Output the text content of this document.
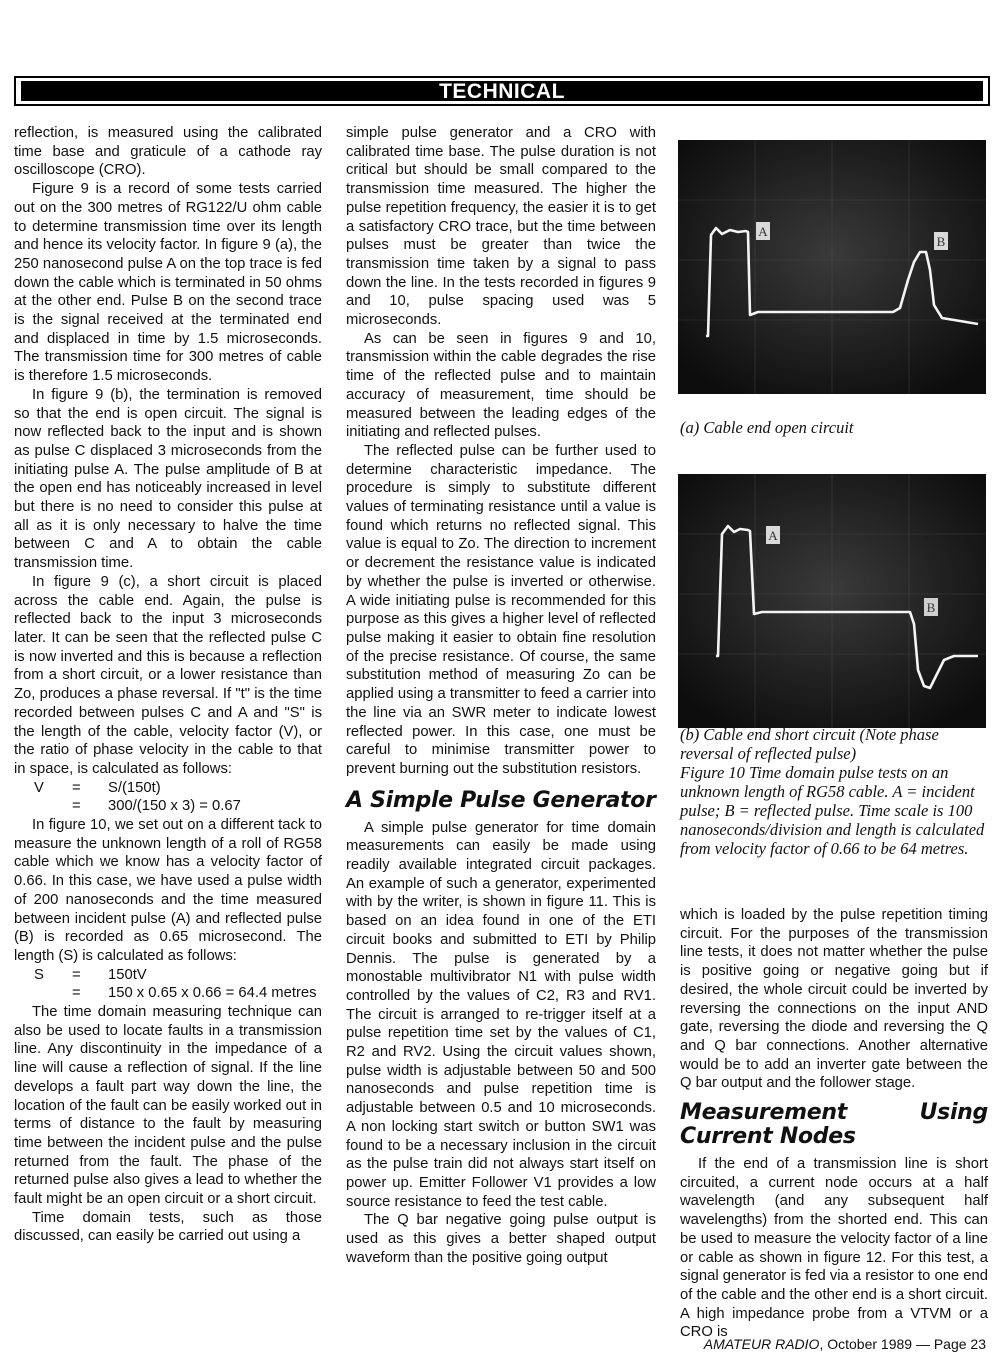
TECHNICAL

reflection, is measured using the calibrated time base and graticule of a cathode ray oscilloscope (CRO).

Figure 9 is a record of some tests carried out on the 300 metres of RG122/U ohm cable to determine transmission time over its length and hence its velocity factor. In figure 9 (a), the 250 nanosecond pulse A on the top trace is fed down the cable which is terminated in 50 ohms at the other end. Pulse B on the second trace is the signal received at the terminated end and displaced in time by 1.5 microseconds. The transmission time for 300 metres of cable is therefore 1.5 microseconds.

In figure 9 (b), the termination is removed so that the end is open circuit. The signal is now reflected back to the input and is shown as pulse C displaced 3 microseconds from the initiating pulse A. The pulse amplitude of B at the open end has noticeably increased in level but there is no need to consider this pulse at all as it is only necessary to halve the time between C and A to obtain the cable transmission time.

In figure 9 (c), a short circuit is placed across the cable end. Again, the pulse is reflected back to the input 3 microseconds later. It can be seen that the reflected pulse C is now inverted and this is because a reflection from a short circuit, or a lower resistance than Zo, produces a phase reversal. If "t" is the time recorded between pulses C and A and "S" is the length of the cable, velocity factor (V), or the ratio of phase velocity in the cable to that in space, is calculated as follows:

V	=	S/(150t)
=	300/(150 x 3) = 0.67

In figure 10, we set out on a different tack to measure the unknown length of a roll of RG58 cable which we know has a velocity factor of 0.66. In this case, we have used a pulse width of 200 nanoseconds and the time measured between incident pulse (A) and reflected pulse (B) is recorded as 0.65 microsecond. The length (S) is calculated as follows:

S	=	150tV
=	150 x 0.65 x 0.66 = 64.4 metres

The time domain measuring technique can also be used to locate faults in a transmission line. Any discontinuity in the impedance of a line will cause a reflection of signal. If the line develops a fault part way down the line, the location of the fault can be easily worked out in terms of distance to the fault by measuring time between the incident pulse and the pulse returned from the fault. The phase of the returned pulse also gives a lead to whether the fault might be an open circuit or a short circuit.

Time domain tests, such as those discussed, can easily be carried out using a

simple pulse generator and a CRO with calibrated time base. The pulse duration is not critical but should be small compared to the transmission time measured. The higher the pulse repetition frequency, the easier it is to get a satisfactory CRO trace, but the time between pulses must be greater than twice the transmission time taken by a signal to pass down the line. In the tests recorded in figures 9 and 10, pulse spacing used was 5 microseconds.

As can be seen in figures 9 and 10, transmission within the cable degrades the rise time of the reflected pulse and to maintain accuracy of measurement, time should be measured between the leading edges of the initiating and reflected pulses.

The reflected pulse can be further used to determine characteristic impedance. The procedure is simply to substitute different values of terminating resistance until a value is found which returns no reflected signal. This value is equal to Zo. The direction to increment or decrement the resistance value is indicated by whether the pulse is inverted or otherwise. A wide initiating pulse is recommended for this purpose as this gives a higher level of reflected pulse making it easier to obtain fine resolution of the precise resistance. Of course, the same substitution method of measuring Zo can be applied using a transmitter to feed a carrier into the line via an SWR meter to indicate lowest reflected power. In this case, one must be careful to minimise transmitter power to prevent burning out the substitution resistors.

A Simple Pulse Generator

A simple pulse generator for time domain measurements can easily be made using readily available integrated circuit packages. An example of such a generator, experimented with by the writer, is shown in figure 11. This is based on an idea found in one of the ETI circuit books and submitted to ETI by Philip Dennis. The pulse is generated by a monostable multivibrator N1 with pulse width controlled by the values of C2, R3 and RV1. The circuit is arranged to re-trigger itself at a pulse repetition time set by the values of C1, R2 and RV2. Using the circuit values shown, pulse width is adjustable between 50 and 500 nanoseconds and pulse repetition time is adjustable between 0.5 and 10 microseconds. A non locking start switch or button SW1 was found to be a necessary inclusion in the circuit as the pulse train did not always start itself on power up. Emitter Follower V1 provides a low source resistance to feed the test cable.

The Q bar negative going pulse output is used as this gives a better shaped output waveform than the positive going output

A
B
(a) Cable end open circuit
A
B
(b) Cable end short circuit (Note phase reversal of reflected pulse)
Figure 10 Time domain pulse tests on an unknown length of RG58 cable. A = incident pulse; B = reflected pulse. Time scale is 100 nanoseconds/division and length is calculated from velocity factor of 0.66 to be 64 metres.

which is loaded by the pulse repetition timing circuit. For the purposes of the transmission line tests, it does not matter whether the pulse is positive going or negative going but if desired, the whole circuit could be inverted by reversing the connections on the input AND gate, reversing the diode and reversing the Q and Q bar connections. Another alternative would be to add an inverter gate between the Q bar output and the follower stage.

Measurement Using Current Nodes

If the end of a transmission line is short circuited, a current node occurs at a half wavelength (and any subsequent half wavelengths) from the shorted end. This can be used to measure the velocity factor of a line or cable as shown in figure 12. For this test, a signal generator is fed via a resistor to one end of the cable and the other end is a short circuit. A high impedance probe from a VTVM or a CRO is

AMATEUR RADIO, October 1989 — Page 23
